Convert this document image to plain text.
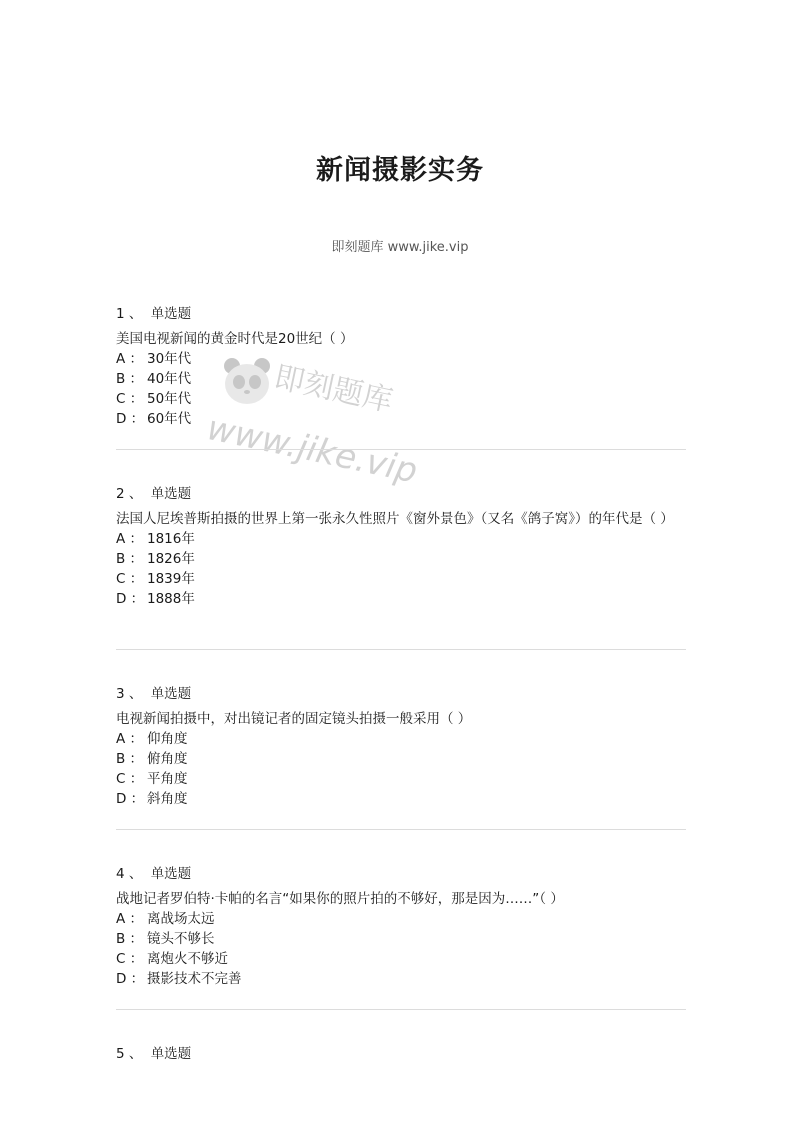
新闻摄影实务
即刻题库 www.jike.vip
即刻题库
www.jike.vip
1 、 单选题

美国电视新闻的黄金时代是20世纪（ ）

A ： 30年代
B ： 40年代
C ： 50年代
D ： 60年代
2 、 单选题

法国人尼埃普斯拍摄的世界上第一张永久性照片《窗外景色》（又名《鸽子窝》）的年代是（ ）

A ： 1816年
B ： 1826年
C ： 1839年
D ： 1888年
3 、 单选题

电视新闻拍摄中，对出镜记者的固定镜头拍摄一般采用（ ）

A ： 仰角度
B ： 俯角度
C ： 平角度
D ： 斜角度
4 、 单选题

战地记者罗伯特·卡帕的名言“如果你的照片拍的不够好，那是因为……”（ ）

A ： 离战场太远
B ： 镜头不够长
C ： 离炮火不够近
D ： 摄影技术不完善
5 、 单选题
